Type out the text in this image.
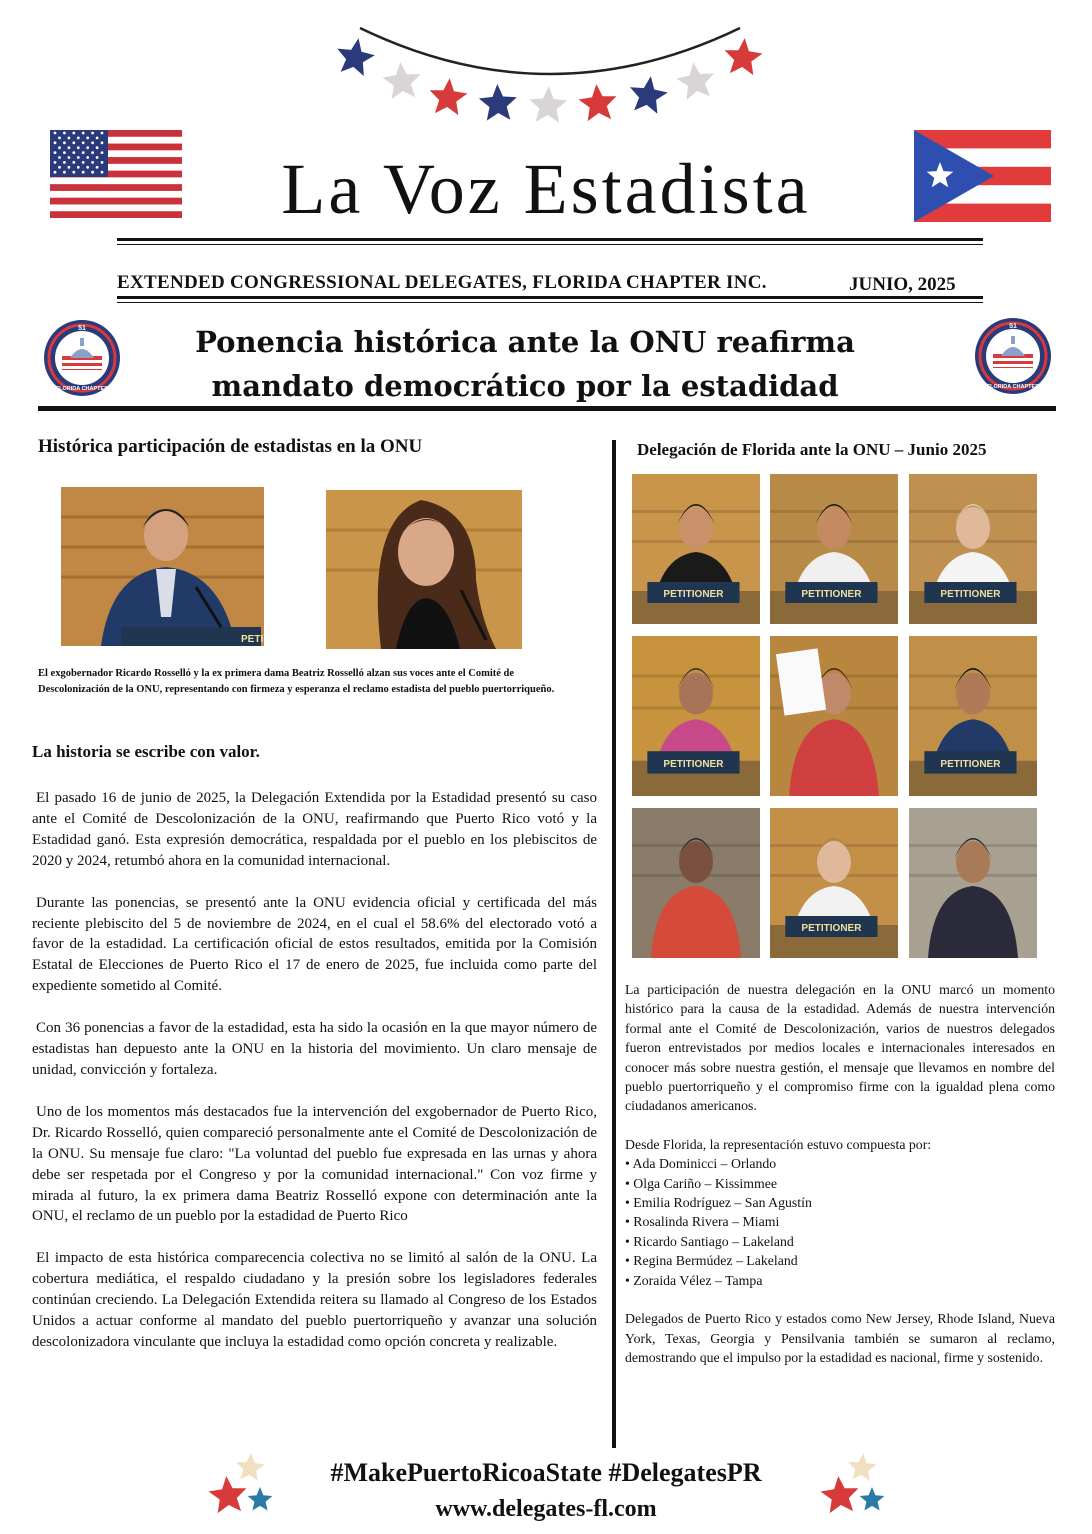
La Voz Estadista
EXTENDED CONGRESSIONAL DELEGATES, FLORIDA CHAPTER INC.	JUNIO, 2025
51
FLORIDA CHAPTER
51
FLORIDA CHAPTER
Ponencia histórica ante la ONU reafirma
mandato democrático por la estadidad
Histórica participación de estadistas en la ONU
PETI
El exgobernador Ricardo Rosselló y la ex primera dama Beatriz Rosselló alzan sus voces ante el Comité de Descolonización de la ONU, representando con firmeza y esperanza el reclamo estadista del pueblo puertorriqueño.
La historia se escribe con valor.

El pasado 16 de junio de 2025, la Delegación Extendida por la Estadidad presentó su caso ante el Comité de Descolonización de la ONU, reafirmando que Puerto Rico votó y la Estadidad ganó. Esta expresión democrática, respaldada por el pueblo en los plebiscitos de 2020 y 2024, retumbó ahora en la comunidad internacional.

Durante las ponencias, se presentó ante la ONU evidencia oficial y certificada del más reciente plebiscito del 5 de noviembre de 2024, en el cual el 58.6% del electorado votó a favor de la estadidad. La certificación oficial de estos resultados, emitida por la Comisión Estatal de Elecciones de Puerto Rico el 17 de enero de 2025, fue incluida como parte del expediente sometido al Comité.

Con 36 ponencias a favor de la estadidad, esta ha sido la ocasión en la que mayor número de estadistas han depuesto ante la ONU en la historia del movimiento. Un claro mensaje de unidad, convicción y fortaleza.

Uno de los momentos más destacados fue la intervención del exgobernador de Puerto Rico, Dr. Ricardo Rosselló, quien compareció personalmente ante el Comité de Descolonización de la ONU. Su mensaje fue claro: "La voluntad del pueblo fue expresada en las urnas y ahora debe ser respetada por el Congreso y por la comunidad internacional." Con voz firme y mirada al futuro, la ex primera dama Beatriz Rosselló expone con determinación ante la ONU, el reclamo de un pueblo por la estadidad de Puerto Rico

El impacto de esta histórica comparecencia colectiva no se limitó al salón de la ONU. La cobertura mediática, el respaldo ciudadano y la presión sobre los legisladores federales continúan creciendo. La Delegación Extendida reitera su llamado al Congreso de los Estados Unidos a actuar conforme al mandato del pueblo puertorriqueño y avanzar una solución descolonizadora vinculante que incluya la estadidad como opción concreta y realizable.

Delegación de Florida ante la ONU – Junio 2025
PETITIONER	PETITIONER	PETITIONER
PETITIONER	PETITIONER
PETITIONER

La participación de nuestra delegación en la ONU marcó un momento histórico para la causa de la estadidad. Además de nuestra intervención formal ante el Comité de Descolonización, varios de nuestros delegados fueron entrevistados por medios locales e internacionales interesados en conocer más sobre nuestra gestión, el mensaje que llevamos en nombre del pueblo puertorriqueño y el compromiso firme con la igualdad plena como ciudadanos americanos.

Desde Florida, la representación estuvo compuesta por:
• Ada Dominicci – Orlando
• Olga Cariño – Kissimmee
• Emilia Rodríguez – San Agustín
• Rosalinda Rivera – Miami
• Ricardo Santiago – Lakeland
• Regina Bermúdez – Lakeland
• Zoraida Vélez – Tampa

Delegados de Puerto Rico y estados como New Jersey, Rhode Island, Nueva York, Texas, Georgia y Pensilvania también se sumaron al reclamo, demostrando que el impulso por la estadidad es nacional, firme y sostenido.

#MakePuertoRicoaState #DelegatesPR
www.delegates-fl.com
